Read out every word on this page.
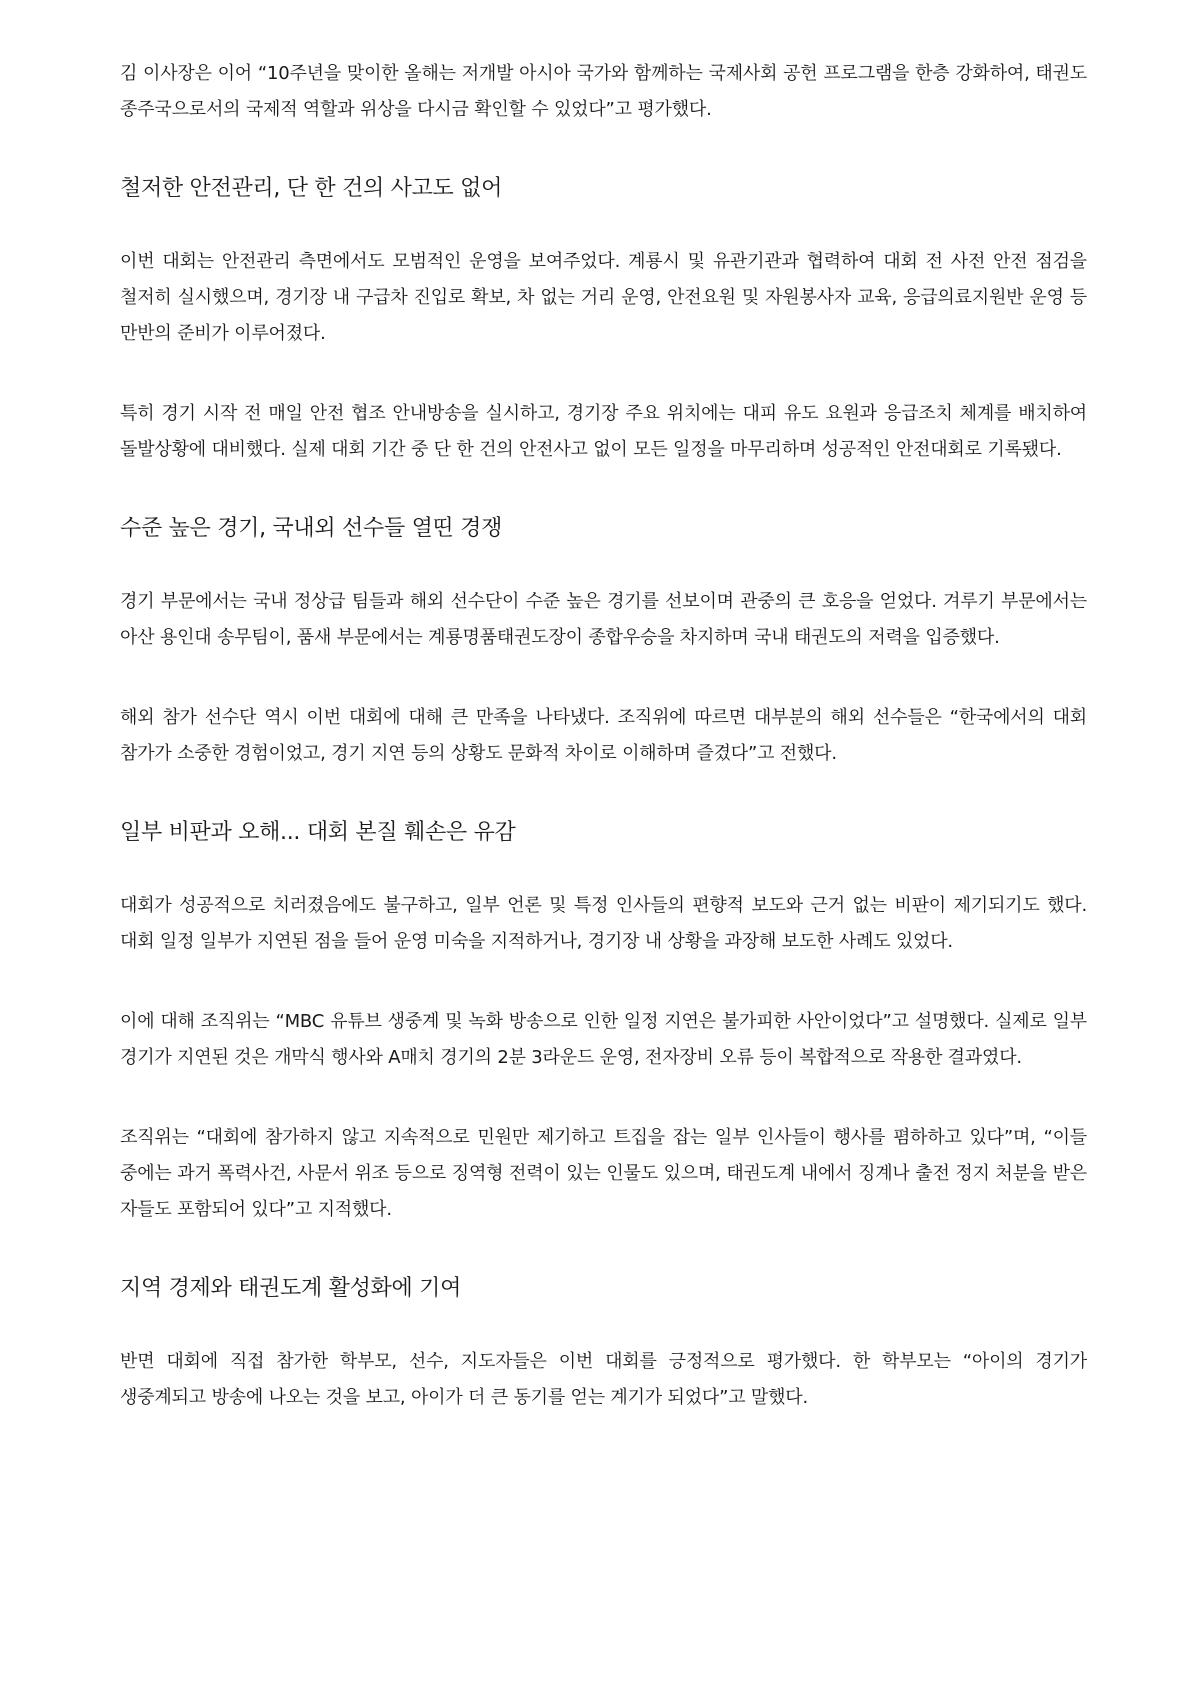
김 이사장은 이어 “10주년을 맞이한 올해는 저개발 아시아 국가와 함께하는 국제사회 공헌 프로그램을 한층 강화하여, 태권도 종주국으로서의 국제적 역할과 위상을 다시금 확인할 수 있었다”고 평가했다.

철저한 안전관리, 단 한 건의 사고도 없어

이번 대회는 안전관리 측면에서도 모범적인 운영을 보여주었다. 계룡시 및 유관기관과 협력하여 대회 전 사전 안전 점검을 철저히 실시했으며, 경기장 내 구급차 진입로 확보, 차 없는 거리 운영, 안전요원 및 자원봉사자 교육, 응급의료지원반 운영 등 만반의 준비가 이루어졌다.

특히 경기 시작 전 매일 안전 협조 안내방송을 실시하고, 경기장 주요 위치에는 대피 유도 요원과 응급조치 체계를 배치하여 돌발상황에 대비했다. 실제 대회 기간 중 단 한 건의 안전사고 없이 모든 일정을 마무리하며 성공적인 안전대회로 기록됐다.

수준 높은 경기, 국내외 선수들 열띤 경쟁

경기 부문에서는 국내 정상급 팀들과 해외 선수단이 수준 높은 경기를 선보이며 관중의 큰 호응을 얻었다. 겨루기 부문에서는 아산 용인대 송무팀이, 품새 부문에서는 계룡명품태권도장이 종합우승을 차지하며 국내 태권도의 저력을 입증했다.

해외 참가 선수단 역시 이번 대회에 대해 큰 만족을 나타냈다. 조직위에 따르면 대부분의 해외 선수들은 “한국에서의 대회 참가가 소중한 경험이었고, 경기 지연 등의 상황도 문화적 차이로 이해하며 즐겼다”고 전했다.

일부 비판과 오해... 대회 본질 훼손은 유감

대회가 성공적으로 치러졌음에도 불구하고, 일부 언론 및 특정 인사들의 편향적 보도와 근거 없는 비판이 제기되기도 했다. 대회 일정 일부가 지연된 점을 들어 운영 미숙을 지적하거나, 경기장 내 상황을 과장해 보도한 사례도 있었다.

이에 대해 조직위는 “MBC 유튜브 생중계 및 녹화 방송으로 인한 일정 지연은 불가피한 사안이었다”고 설명했다. 실제로 일부 경기가 지연된 것은 개막식 행사와 A매치 경기의 2분 3라운드 운영, 전자장비 오류 등이 복합적으로 작용한 결과였다.

조직위는 “대회에 참가하지 않고 지속적으로 민원만 제기하고 트집을 잡는 일부 인사들이 행사를 폄하하고 있다”며, “이들 중에는 과거 폭력사건, 사문서 위조 등으로 징역형 전력이 있는 인물도 있으며, 태권도계 내에서 징계나 출전 정지 처분을 받은 자들도 포함되어 있다”고 지적했다.

지역 경제와 태권도계 활성화에 기여

반면 대회에 직접 참가한 학부모, 선수, 지도자들은 이번 대회를 긍정적으로 평가했다. 한 학부모는 “아이의 경기가 생중계되고 방송에 나오는 것을 보고, 아이가 더 큰 동기를 얻는 계기가 되었다”고 말했다.
